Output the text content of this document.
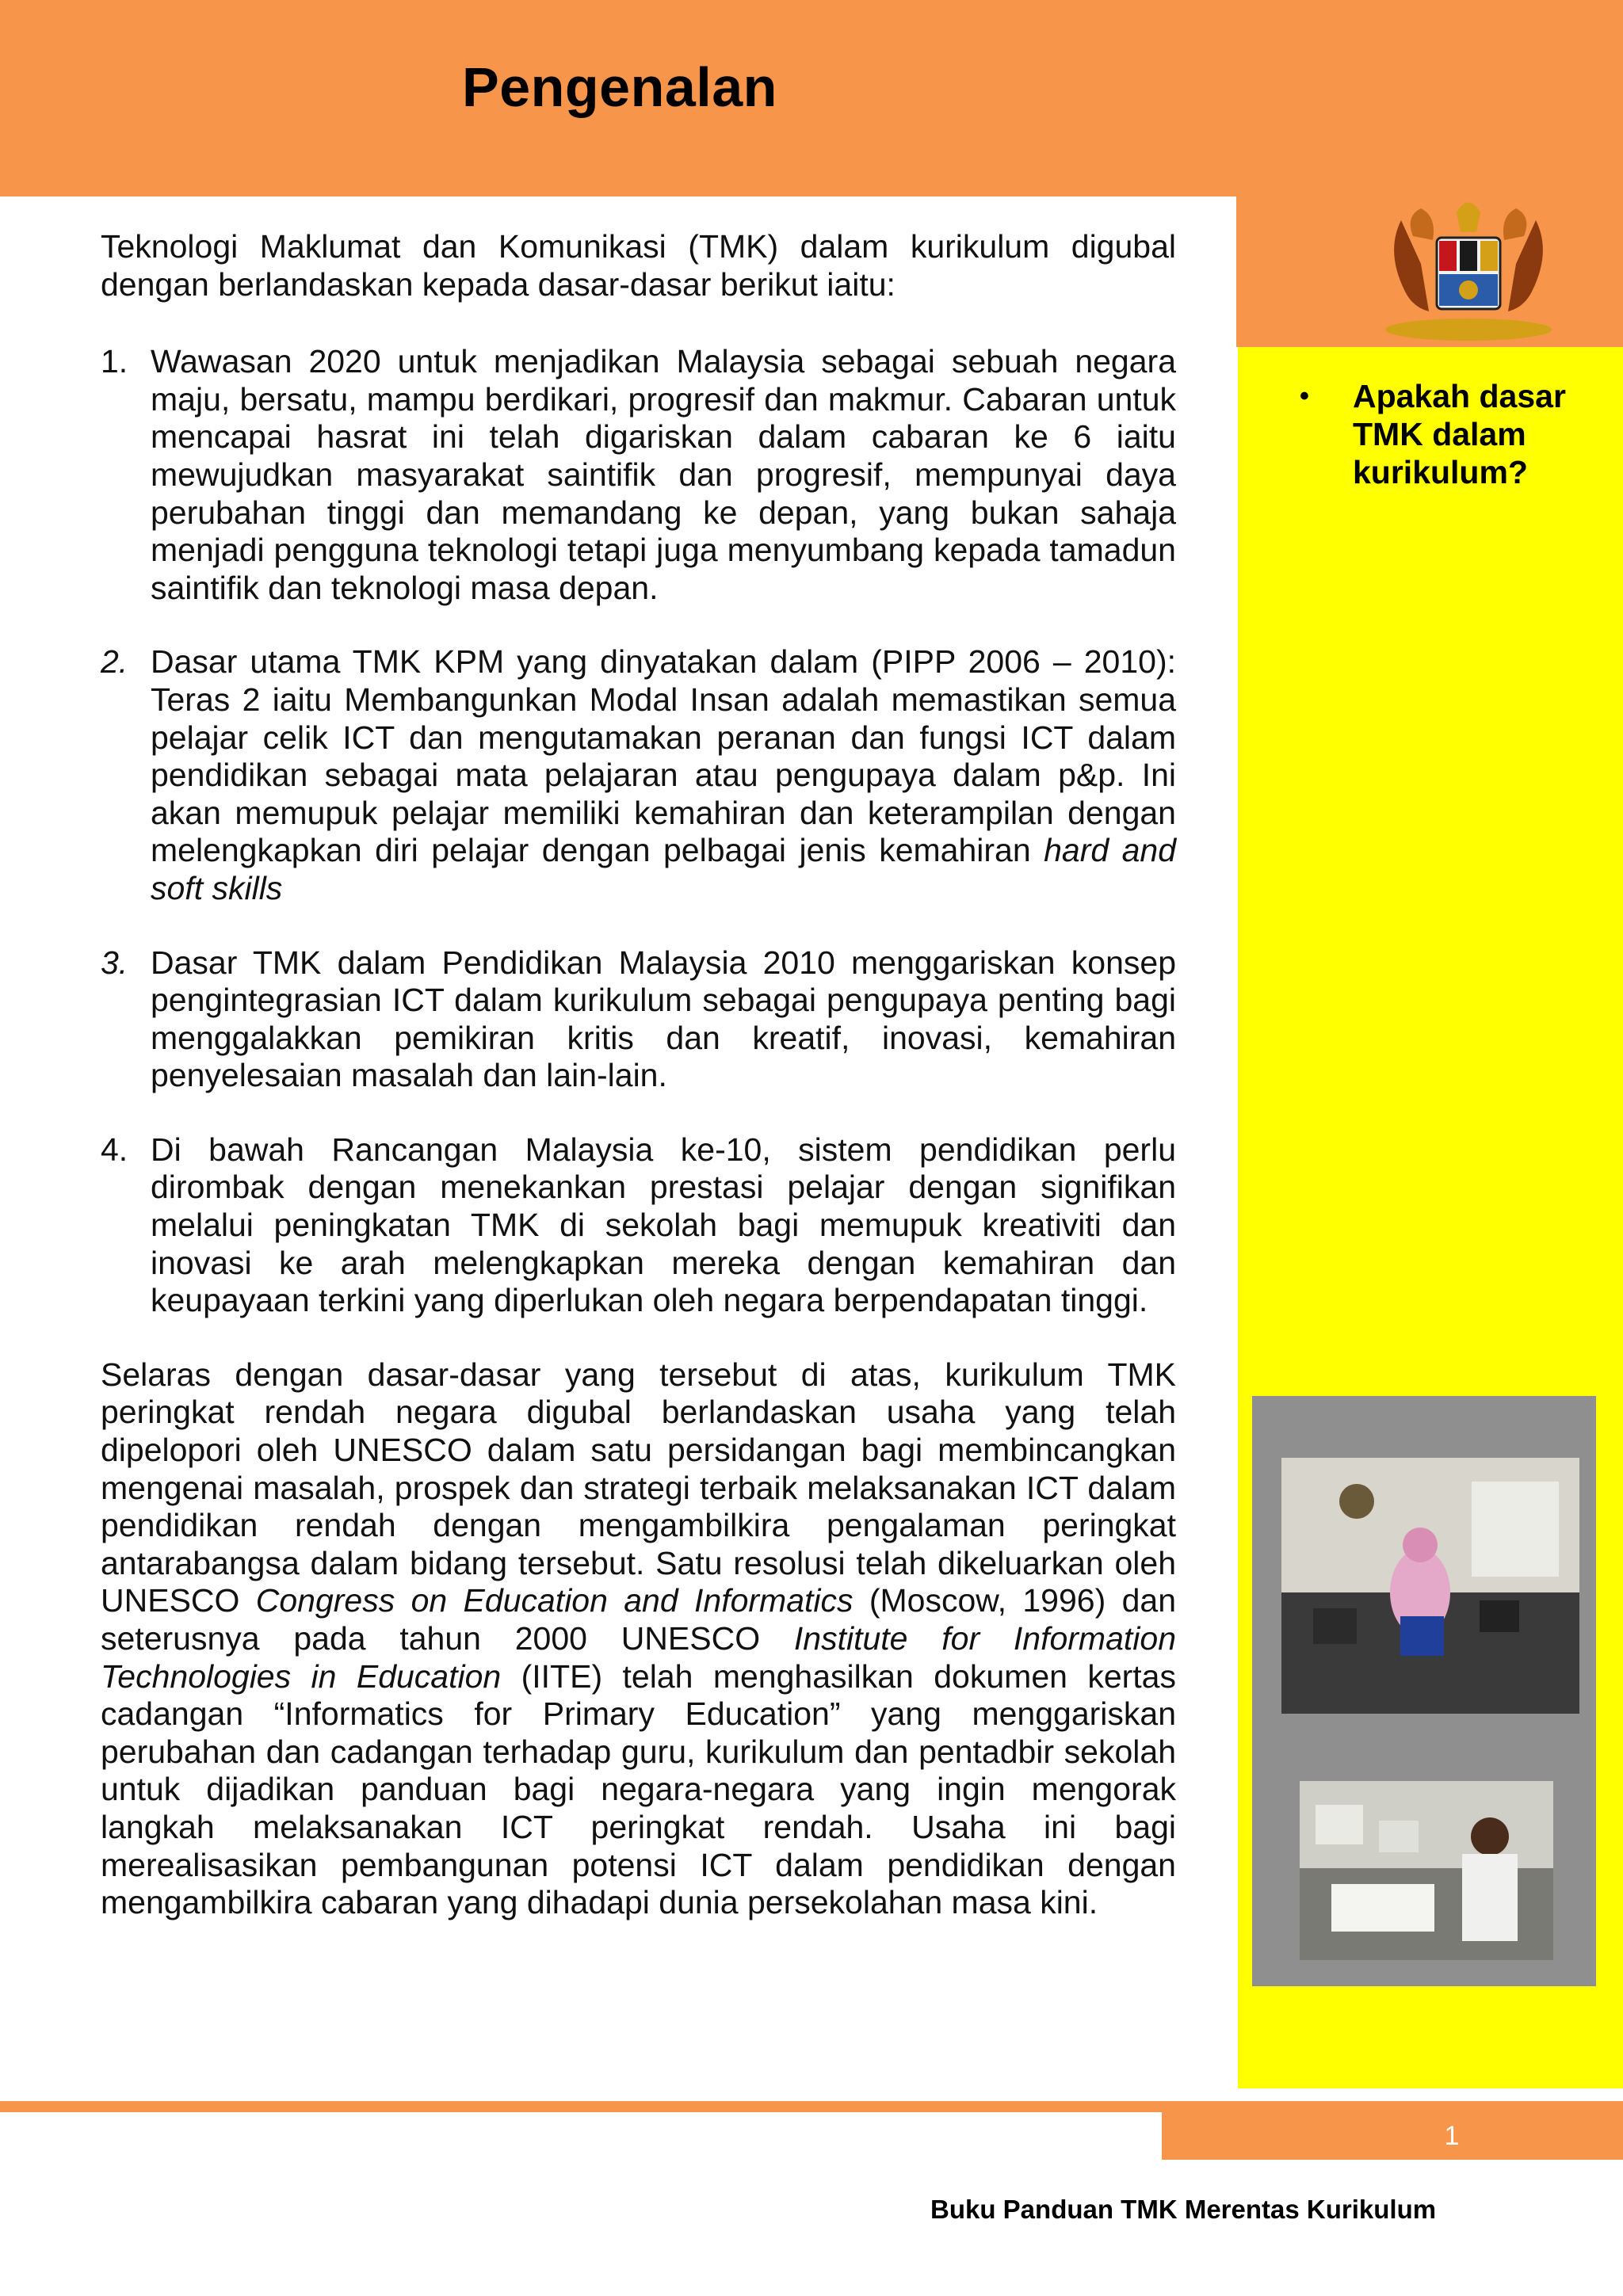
Pengenalan
•	Apakah dasar TMK dalam kurikulum?

Teknologi Maklumat dan Komunikasi (TMK) dalam kurikulum digubal dengan berlandaskan kepada dasar-dasar berikut iaitu:

1. Wawasan 2020 untuk menjadikan Malaysia sebagai sebuah negara maju, bersatu, mampu berdikari, progresif dan makmur. Cabaran untuk mencapai hasrat ini telah digariskan dalam cabaran ke 6 iaitu mewujudkan masyarakat saintifik dan progresif, mempunyai daya perubahan tinggi dan memandang ke depan, yang bukan sahaja menjadi pengguna teknologi tetapi juga menyumbang kepada tamadun saintifik dan teknologi masa depan.
2. Dasar utama TMK KPM yang dinyatakan dalam (PIPP 2006 – 2010): Teras 2 iaitu Membangunkan Modal Insan adalah memastikan semua pelajar celik ICT dan mengutamakan peranan dan fungsi ICT dalam pendidikan sebagai mata pelajaran atau pengupaya dalam p&p. Ini akan memupuk pelajar memiliki kemahiran dan keterampilan dengan melengkapkan diri pelajar dengan pelbagai jenis kemahiran hard and soft skills
3. Dasar TMK dalam Pendidikan Malaysia 2010 menggariskan konsep pengintegrasian ICT dalam kurikulum sebagai pengupaya penting bagi menggalakkan pemikiran kritis dan kreatif, inovasi, kemahiran penyelesaian masalah dan lain-lain.
4. Di bawah Rancangan Malaysia ke-10, sistem pendidikan perlu dirombak dengan menekankan prestasi pelajar dengan signifikan melalui peningkatan TMK di sekolah bagi memupuk kreativiti dan inovasi ke arah melengkapkan mereka dengan kemahiran dan keupayaan terkini yang diperlukan oleh negara berpendapatan tinggi.

Selaras dengan dasar-dasar yang tersebut di atas, kurikulum TMK peringkat rendah negara digubal berlandaskan usaha yang telah dipelopori oleh UNESCO dalam satu persidangan bagi membincangkan mengenai masalah, prospek dan strategi terbaik melaksanakan ICT dalam pendidikan rendah dengan mengambilkira pengalaman peringkat antarabangsa dalam bidang tersebut. Satu resolusi telah dikeluarkan oleh UNESCO Congress on Education and Informatics (Moscow, 1996) dan seterusnya pada tahun 2000 UNESCO Institute for Information Technologies in Education (IITE) telah menghasilkan dokumen kertas cadangan “Informatics for Primary Education” yang menggariskan perubahan dan cadangan terhadap guru, kurikulum dan pentadbir sekolah untuk dijadikan panduan bagi negara-negara yang ingin mengorak langkah melaksanakan ICT peringkat rendah. Usaha ini bagi merealisasikan pembangunan potensi ICT dalam pendidikan dengan mengambilkira cabaran yang dihadapi dunia persekolahan masa kini.

1
Buku Panduan TMK Merentas Kurikulum
